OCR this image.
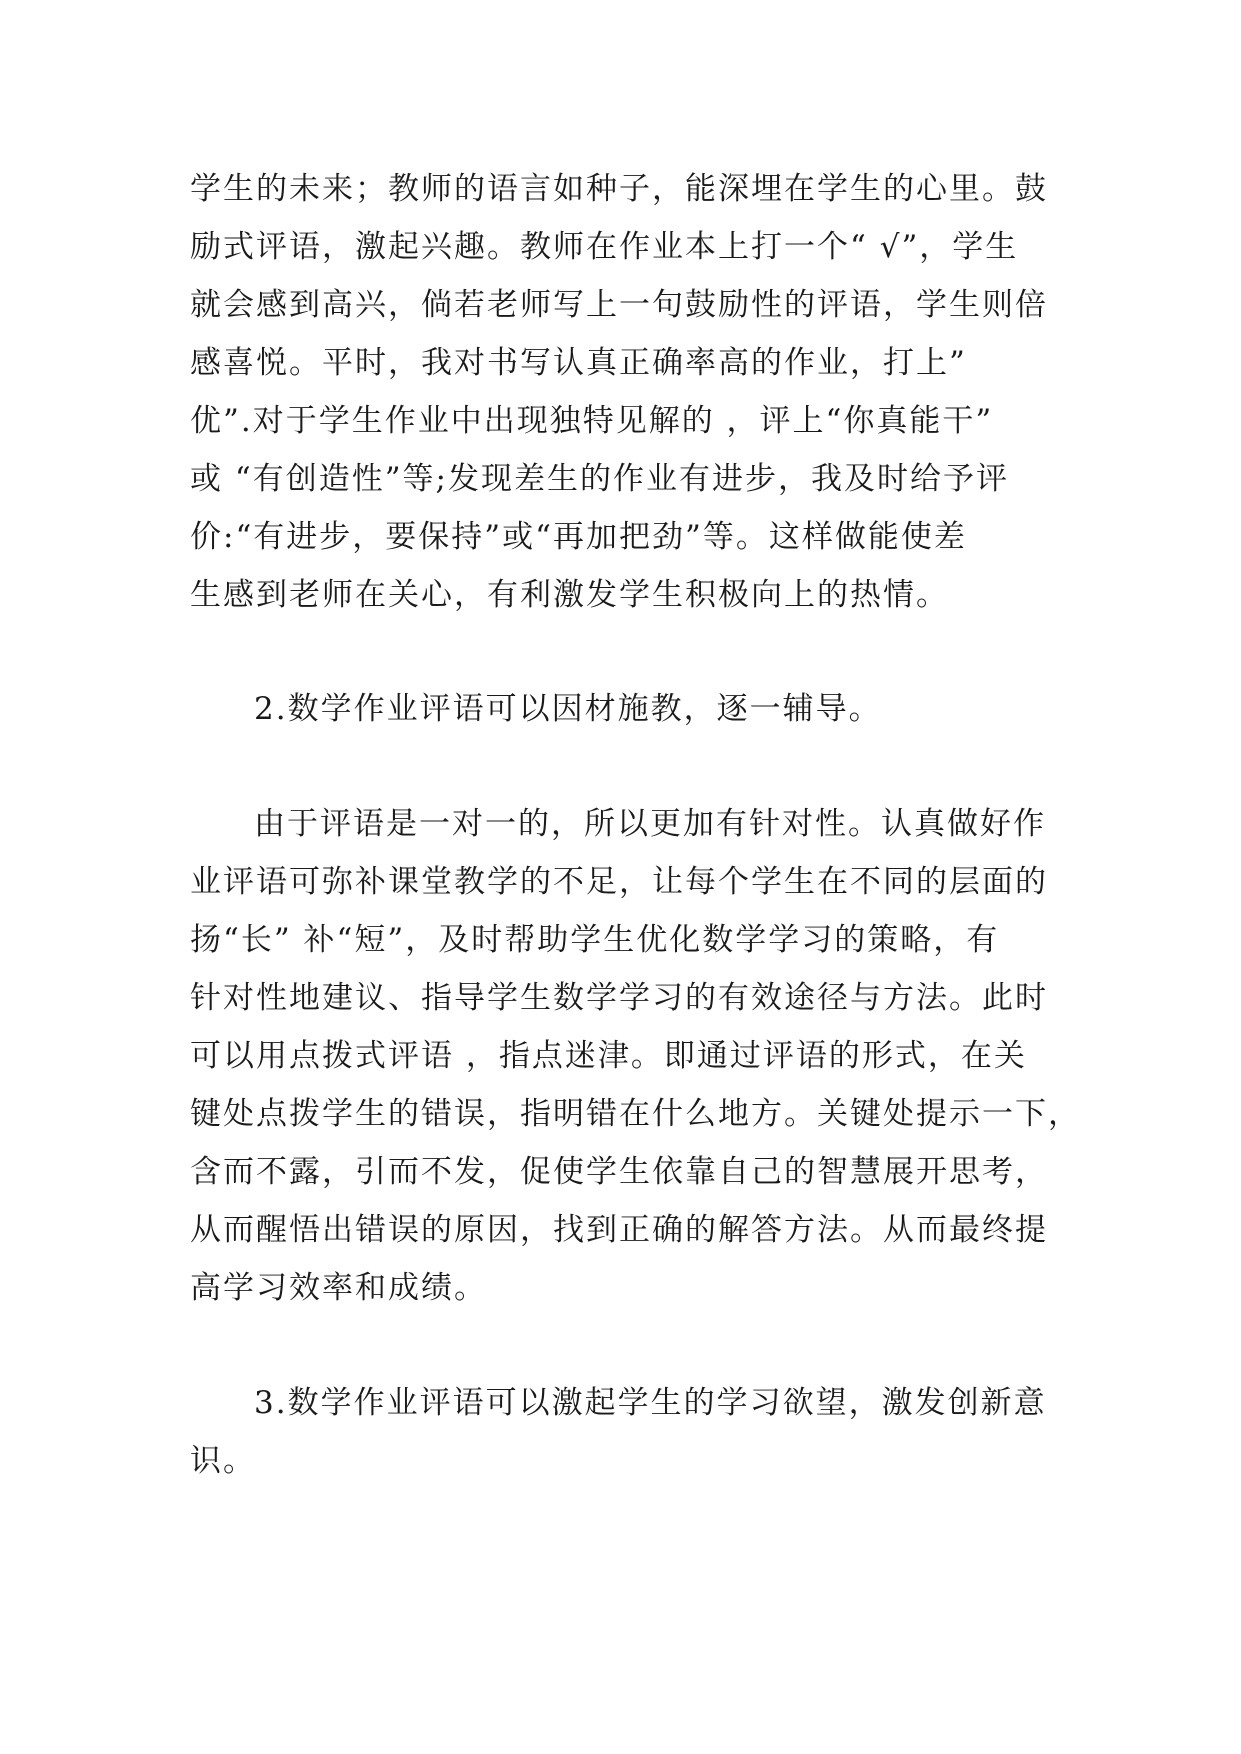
学生的未来；教师的语言如种子，能深埋在学生的心里。鼓
励式评语，激起兴趣。教师在作业本上打一个“ √”，学生
就会感到高兴，倘若老师写上一句鼓励性的评语，学生则倍
感喜悦。平时，我对书写认真正确率高的作业，打上”
优”.对于学生作业中出现独特见解的 ，评上“你真能干”
或 “有创造性”等;发现差生的作业有进步，我及时给予评
价:“有进步，要保持”或“再加把劲”等。这样做能使差
生感到老师在关心，有利激发学生积极向上的热情。

2.数学作业评语可以因材施教，逐一辅导。

由于评语是一对一的，所以更加有针对性。认真做好作
业评语可弥补课堂教学的不足，让每个学生在不同的层面的
扬“长” 补“短”，及时帮助学生优化数学学习的策略，有
针对性地建议、指导学生数学学习的有效途径与方法。此时
可以用点拨式评语 ，指点迷津。即通过评语的形式，在关
键处点拨学生的错误，指明错在什么地方。关键处提示一下，
含而不露，引而不发，促使学生依靠自己的智慧展开思考，
从而醒悟出错误的原因，找到正确的解答方法。从而最终提
高学习效率和成绩。

3.数学作业评语可以激起学生的学习欲望，激发创新意
识。
